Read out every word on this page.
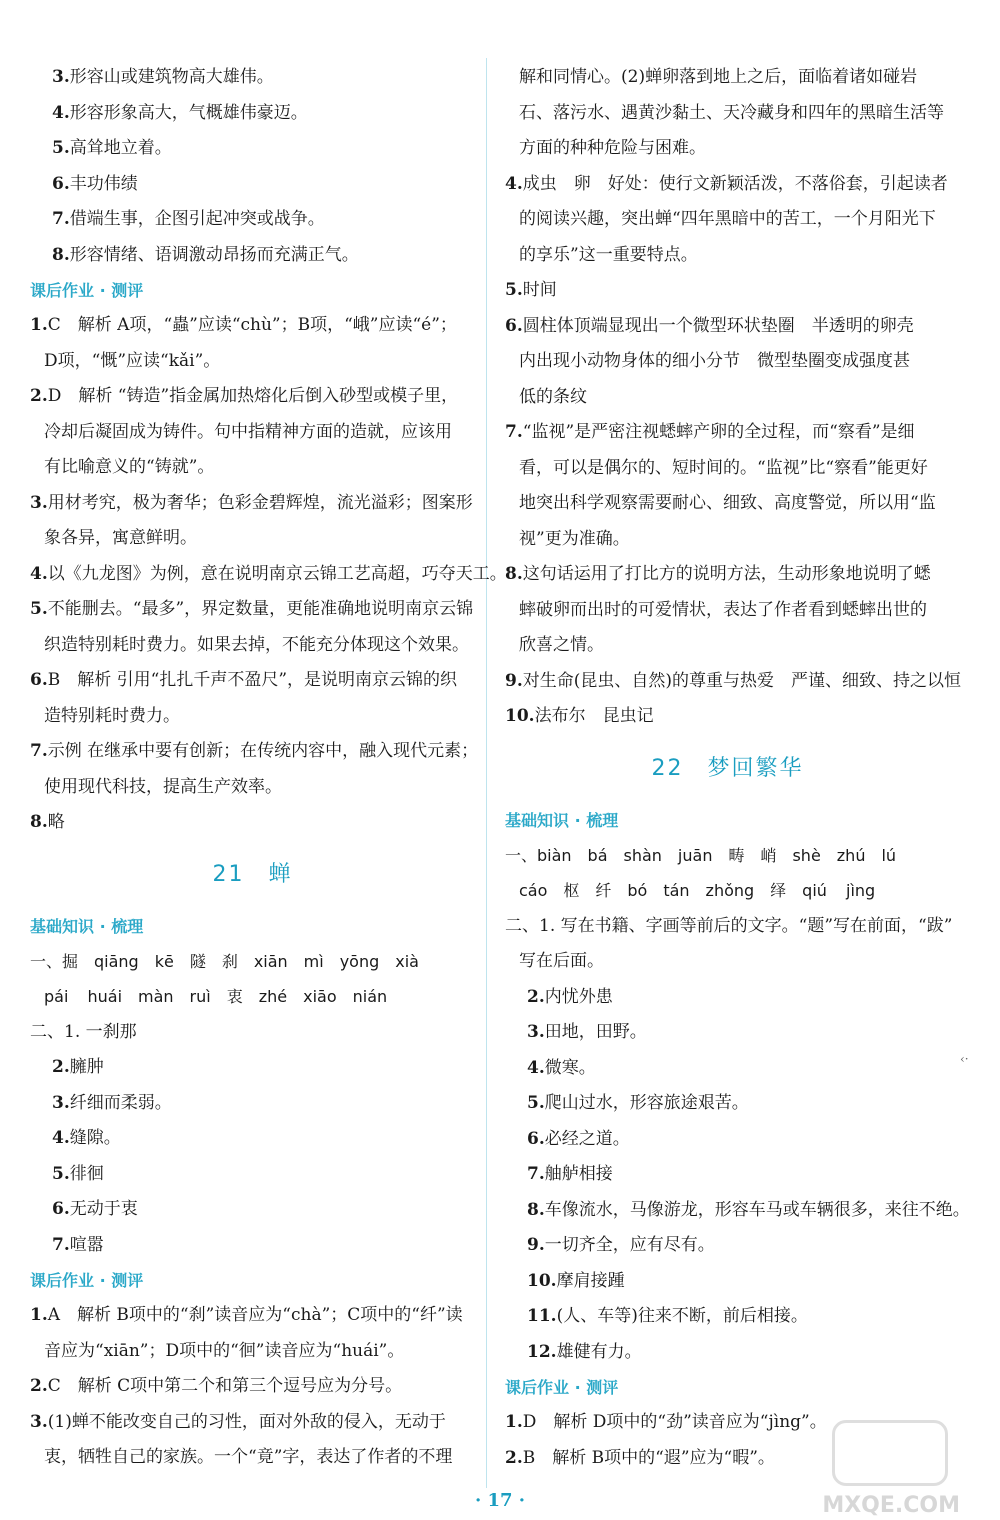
3.形容山或建筑物高大雄伟。
4.形容形象高大，气概雄伟豪迈。
5.高耸地立着。
6.丰功伟绩
7.借端生事，企图引起冲突或战争。
8.形容情绪、语调激动昂扬而充满正气。
课后作业 · 测评
1.C　解析 A项，“蟲”应读“chù”；B项，“峨”应读“é”；
D项，“慨”应读“kǎi”。
2.D　解析 “铸造”指金属加热熔化后倒入砂型或模子里，
冷却后凝固成为铸件。句中指精神方面的造就，应该用
有比喻意义的“铸就”。
3.用材考究，极为奢华；色彩金碧辉煌，流光溢彩；图案形
象各异，寓意鲜明。
4.以《九龙图》为例，意在说明南京云锦工艺高超，巧夺天工。
5.不能删去。“最多”，界定数量，更能准确地说明南京云锦
织造特别耗时费力。如果去掉，不能充分体现这个效果。
6.B　解析 引用“扎扎千声不盈尺”，是说明南京云锦的织
造特别耗时费力。
7.示例 在继承中要有创新；在传统内容中，融入现代元素；
使用现代科技，提高生产效率。
8.略
21　蝉
基础知识 · 梳理
一、掘　qiāng　kē　隧　刹　xiān　mì　yōng　xià
pái huái　màn　ruì　衷　zhé　xiāo　nián
二、1. 一刹那
2.臃肿
3.纤细而柔弱。
4.缝隙。
5.徘徊
6.无动于衷
7.喧嚣
课后作业 · 测评
1.A　解析 B项中的“刹”读音应为“chà”；C项中的“纤”读
音应为“xiān”；D项中的“徊”读音应为“huái”。
2.C　解析 C项中第二个和第三个逗号应为分号。
3.(1)蝉不能改变自己的习性，面对外敌的侵入，无动于
衷，牺牲自己的家族。一个“竟”字，表达了作者的不理
解和同情心。(2)蝉卵落到地上之后，面临着诸如碰岩
石、落污水、遇黄沙黏土、天冷藏身和四年的黑暗生活等
方面的种种危险与困难。
4.成虫　卵　好处：使行文新颖活泼，不落俗套，引起读者
的阅读兴趣，突出蝉“四年黑暗中的苦工，一个月阳光下
的享乐”这一重要特点。
5.时间
6.圆柱体顶端显现出一个微型环状垫圈　半透明的卵壳
内出现小动物身体的细小分节　微型垫圈变成强度甚
低的条纹
7.“监视”是严密注视蟋蟀产卵的全过程，而“察看”是细
看，可以是偶尔的、短时间的。“监视”比“察看”能更好
地突出科学观察需要耐心、细致、高度警觉，所以用“监
视”更为准确。
8.这句话运用了打比方的说明方法，生动形象地说明了蟋
蟀破卵而出时的可爱情状，表达了作者看到蟋蟀出世的
欣喜之情。
9.对生命(昆虫、自然)的尊重与热爱　严谨、细致、持之以恒
10.法布尔　昆虫记
22　梦回繁华
基础知识 · 梳理
一、biàn　bá　shàn　juān　畴　峭　shè　zhú　lú
cáo　枢　纤　bó　tán　zhǒng　绎　qiú jìng
二、1. 写在书籍、字画等前后的文字。“题”写在前面，“跋”
写在后面。
2.内忧外患
3.田地，田野。
4.微寒。
5.爬山过水，形容旅途艰苦。
6.必经之道。
7.舳舻相接
8.车像流水，马像游龙，形容车马或车辆很多，来往不绝。
9.一切齐全，应有尽有。
10.摩肩接踵
11.(人、车等)往来不断，前后相接。
12.雄健有力。
课后作业 · 测评
1.D　解析 D项中的“劲”读音应为“jìng”。
2.B　解析 B项中的“遐”应为“暇”。
‹·
· 17 ·	MXQE.COM
